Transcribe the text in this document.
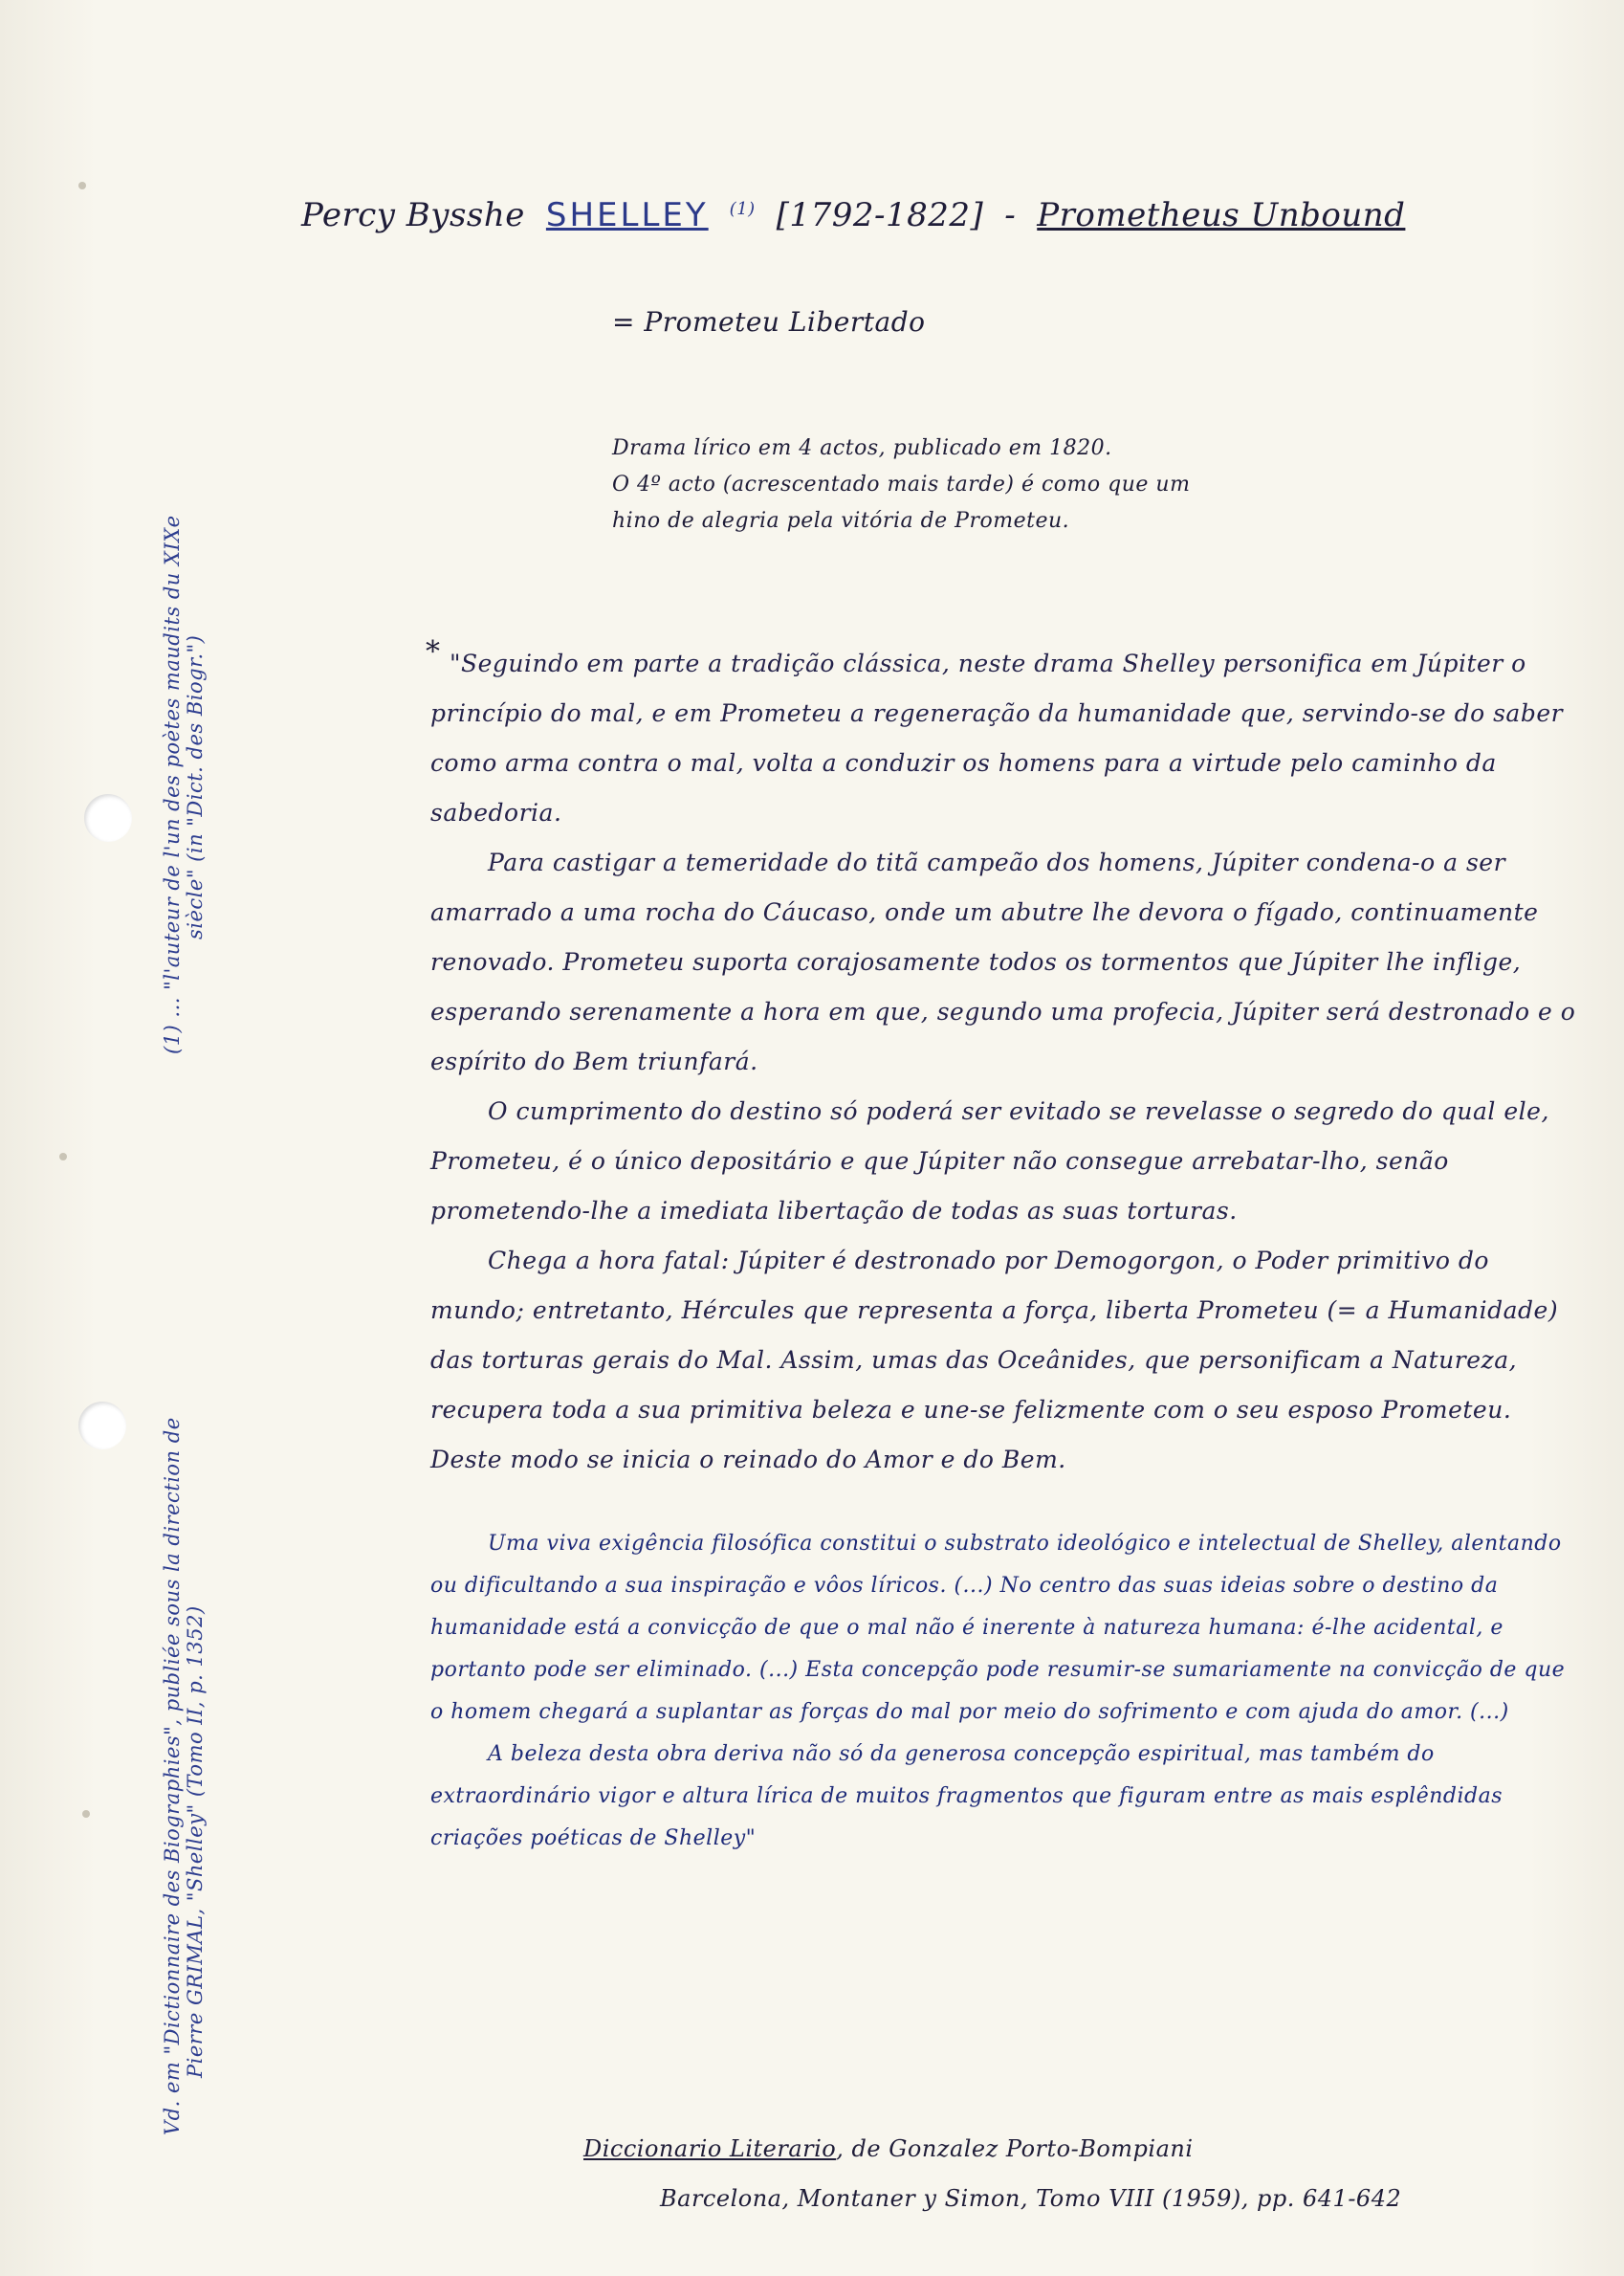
Percy Bysshe SHELLEY $^{(1)}$ [1792-1822] - Prometheus Unbound
= Prometeu Libertado
Drama lírico em 4 actos, publicado em 1820.
O 4º acto (acrescentado mais tarde) é como que um
hino de alegria pela vitória de Prometeu.
* "Seguindo em parte a tradição clássica, neste drama Shelley personifica em Júpiter o princípio do mal, e em Prometeu a regeneração da humanidade que, servindo-se do saber como arma contra o mal, volta a conduzir os homens para a virtude pelo caminho da sabedoria.

Para castigar a temeridade do titã campeão dos homens, Júpiter condena-o a ser amarrado a uma rocha do Cáucaso, onde um abutre lhe devora o fígado, continuamente renovado. Prometeu suporta corajosamente todos os tormentos que Júpiter lhe inflige, esperando serenamente a hora em que, segundo uma profecia, Júpiter será destronado e o espírito do Bem triunfará.

O cumprimento do destino só poderá ser evitado se revelasse o segredo do qual ele, Prometeu, é o único depositário e que Júpiter não consegue arrebatar-lho, senão prometendo-lhe a imediata libertação de todas as suas torturas.

Chega a hora fatal: Júpiter é destronado por Demogorgon, o Poder primitivo do mundo; entretanto, Hércules que representa a força, liberta Prometeu (= a Humanidade) das torturas gerais do Mal. Assim, umas das Oceânides, que personificam a Natureza, recupera toda a sua primitiva beleza e une-se felizmente com o seu esposo Prometeu. Deste modo se inicia o reinado do Amor e do Bem.

Uma viva exigência filosófica constitui o substrato ideológico e intelectual de Shelley, alentando ou dificultando a sua inspiração e vôos líricos. (...) No centro das suas ideias sobre o destino da humanidade está a convicção de que o mal não é inerente à natureza humana: é-lhe acidental, e portanto pode ser eliminado. (...) Esta concepção pode resumir-se sumariamente na convicção de que o homem chegará a suplantar as forças do mal por meio do sofrimento e com ajuda do amor. (...)

A beleza desta obra deriva não só da generosa concepção espiritual, mas também do extraordinário vigor e altura lírica de muitos fragmentos que figuram entre as mais esplêndidas criações poéticas de Shelley"

Diccionario Literario, de Gonzalez Porto-Bompiani
Barcelona, Montaner y Simon, Tomo VIII (1959), pp. 641-642
(1) ... "l'auteur de l'un des poètes maudits du XIXe siècle" (in "Dict. des Biogr.")
Vd. em "Dictionnaire des Biographies", publiée sous la direction de Pierre GRIMAL, "Shelley" (Tomo II, p. 1352)
